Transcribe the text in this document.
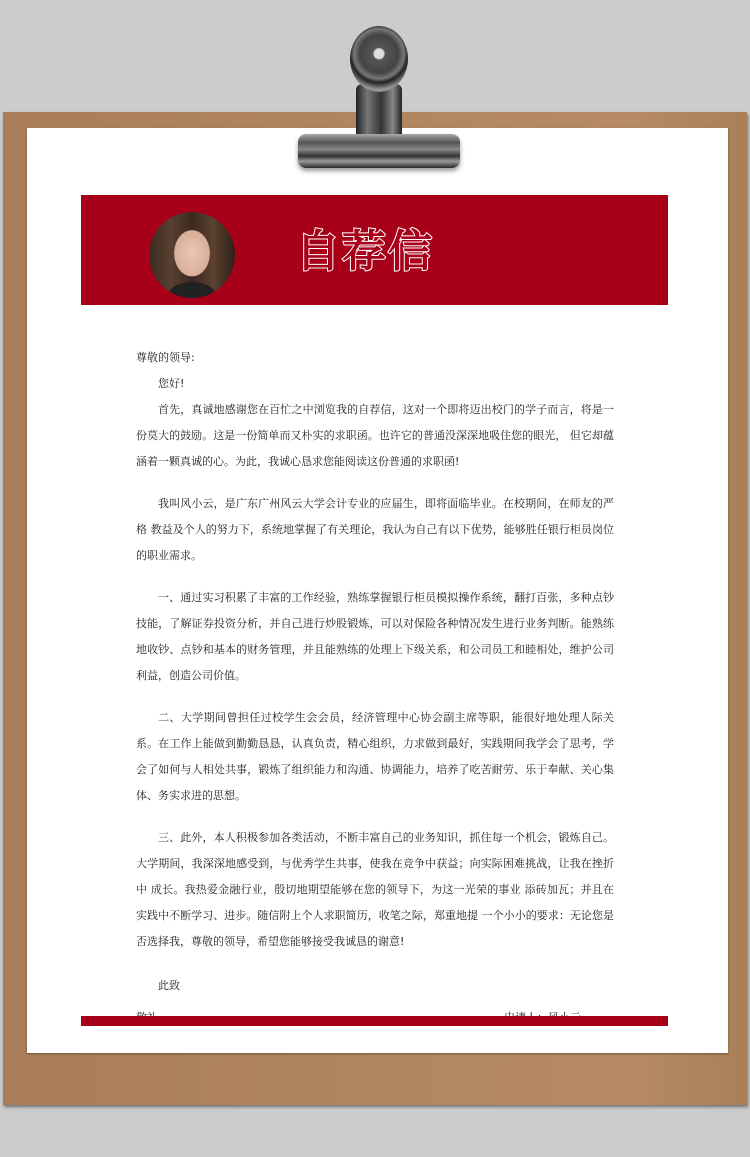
自荐信

尊敬的领导:

您好!

首先，真诚地感谢您在百忙之中浏览我的自荐信，这对一个即将迈出校门的学子而言，将是一份莫大的鼓励。这是一份简单而又朴实的求职函。也许它的普通没深深地吸住您的眼光， 但它却蕴涵着一颗真诚的心。为此，我诚心恳求您能阅读这份普通的求职函!

我叫风小云，是广东广州风云大学会计专业的应届生，即将面临毕业。在校期间，在师友的严格 教益及个人的努力下，系统地掌握了有关理论，我认为自己有以下优势，能够胜任银行柜员岗位的职业需求。

一、通过实习积累了丰富的工作经验，熟练掌握银行柜员模拟操作系统，翻打百张，多种点钞技能，了解证券投资分析，并自己进行炒股锻炼，可以对保险各种情况发生进行业务判断。能熟练地收钞、点钞和基本的财务管理，并且能熟练的处理上下级关系，和公司员工和睦相处，维护公司利益，创造公司价值。

二、大学期间曾担任过校学生会会员，经济管理中心协会副主席等职，能很好地处理人际关系。在工作上能做到勤勤恳恳，认真负责，精心组织，力求做到最好，实践期间我学会了思考，学会了如何与人相处共事，锻炼了组织能力和沟通、协调能力，培养了吃苦耐劳、乐于奉献、关心集体、务实求进的思想。

三、此外，本人积极参加各类活动，不断丰富自己的业务知识，抓住每一个机会，锻炼自己。大学期间，我深深地感受到，与优秀学生共事，使我在竞争中获益；向实际困难挑战，让我在挫折中 成长。我热爱金融行业，殷切地期望能够在您的领导下，为这一光荣的事业 添砖加瓦；并且在实践中不断学习、进步。随信附上个人求职简历，收笔之际，郑重地提 一个小小的要求：无论您是否选择我，尊敬的领导，希望您能够接受我诚恳的谢意!

此致
